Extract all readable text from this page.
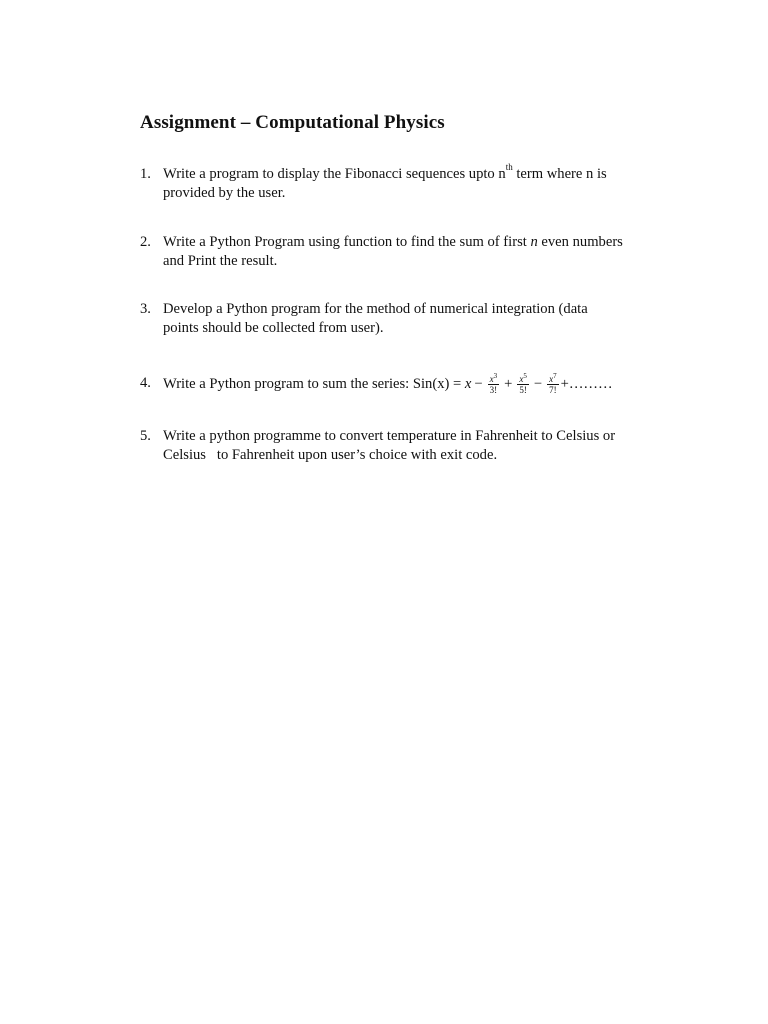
Assignment – Computational Physics
1. Write a program to display the Fibonacci sequences upto $n^{th}$ term where n is
provided by the user.
2. Write a Python Program using function to find the sum of first n even numbers
and Print the result.
3. Develop a Python program for the method of numerical integration (data
points should be collected from user).
4. Write a Python program to sum the series: $Sin(x) = x - \frac{x^3}{3!} + \frac{x^5}{5!} - \frac{x^7}{7!}$ +………
5. Write a python programme to convert temperature in Fahrenheit to Celsius or
Celsius   to Fahrenheit upon user’s choice with exit code.
